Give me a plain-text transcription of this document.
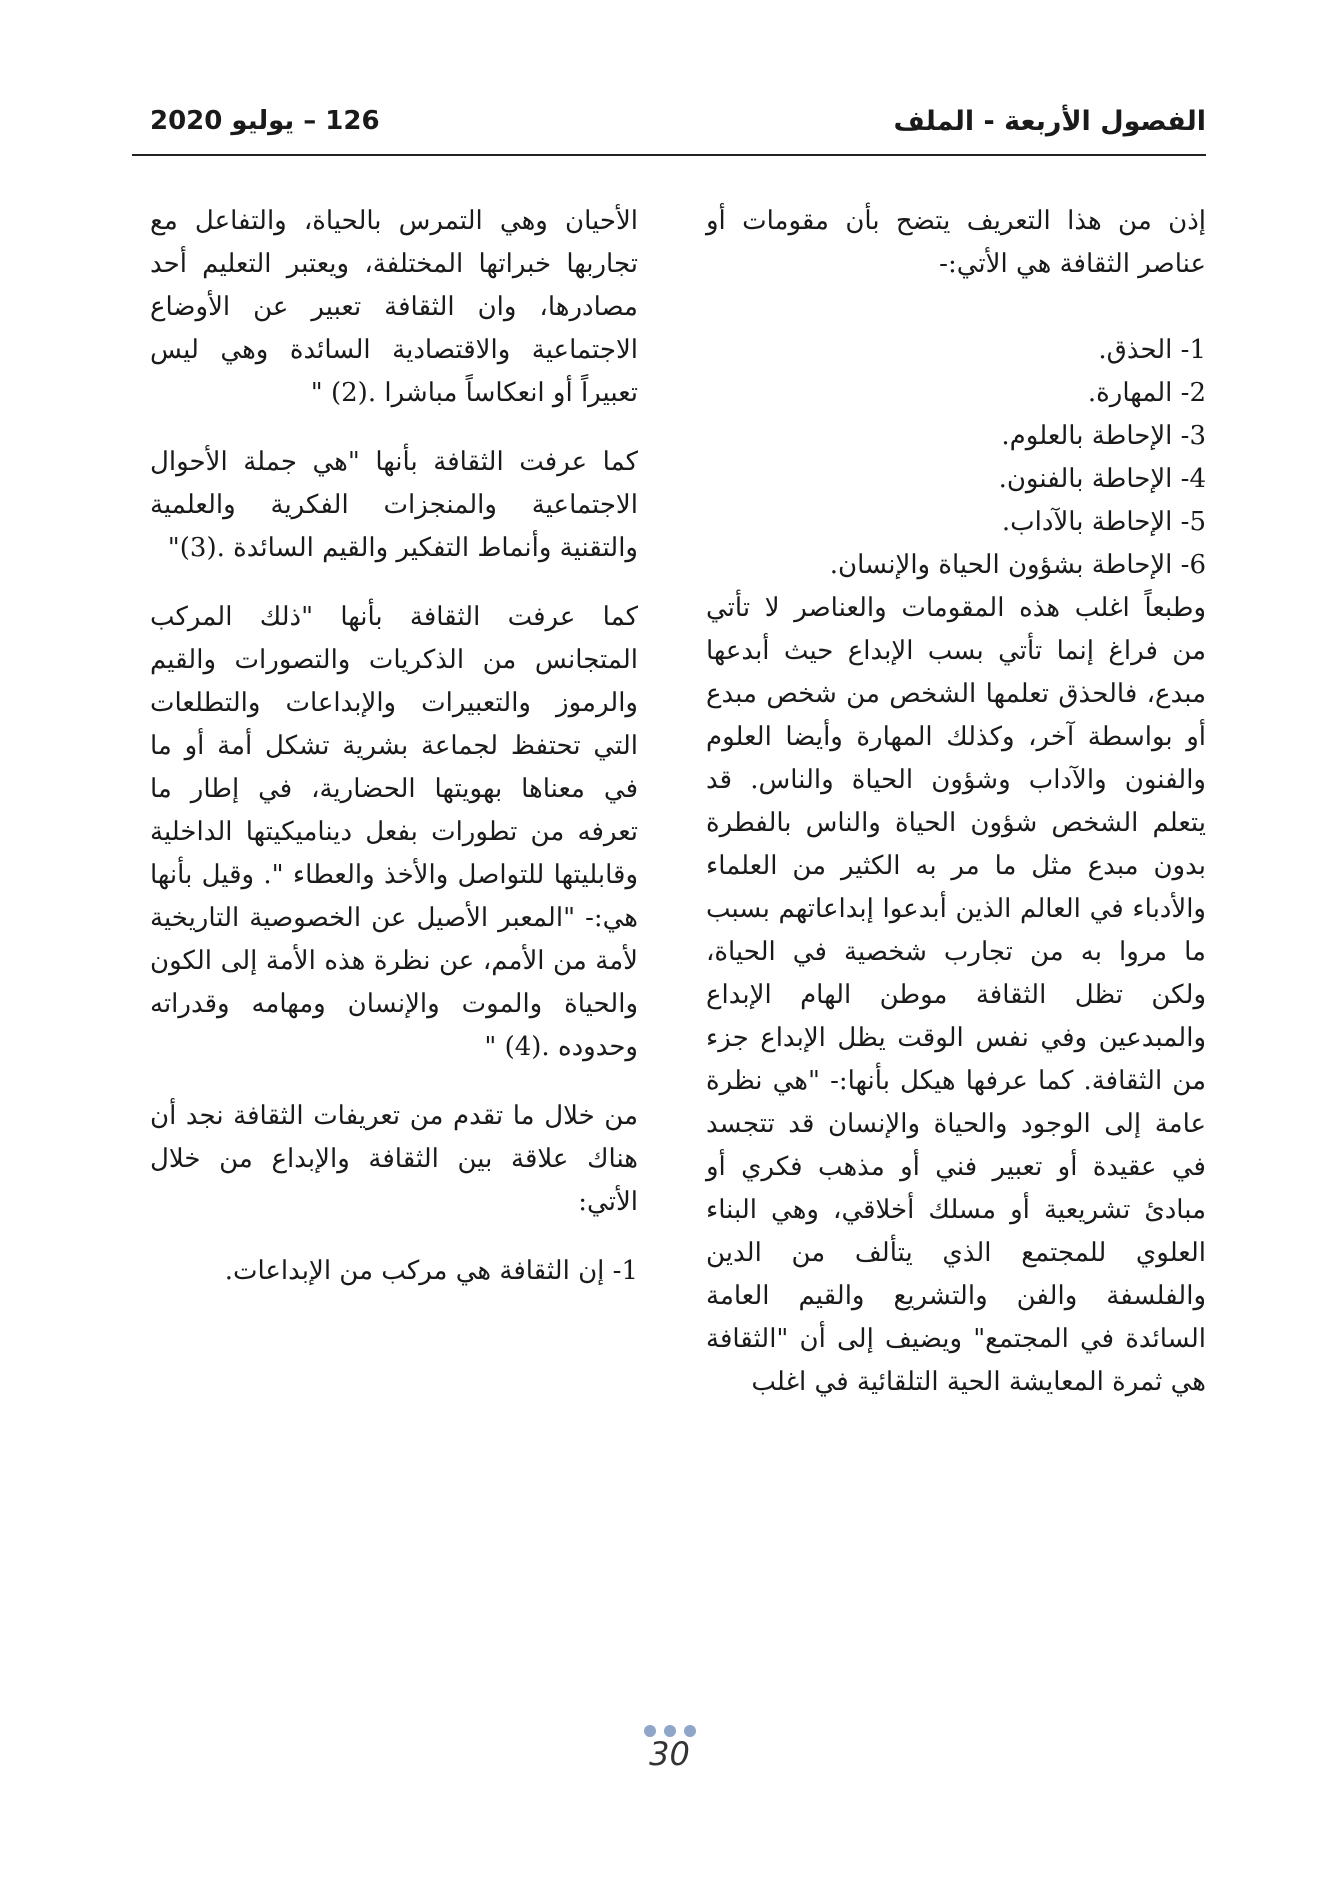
الفصول الأربعة - الملف
126 – يوليو 2020

إذن من هذا التعريف يتضح بأن مقومات أو عناصر الثقافة هي الأتي:-

1- الحذق.
2- المهارة.
3- الإحاطة بالعلوم.
4- الإحاطة بالفنون.
5- الإحاطة بالآداب.
6- الإحاطة بشؤون الحياة والإنسان.

وطبعاً اغلب هذه المقومات والعناصر لا تأتي من فراغ إنما تأتي بسب الإبداع حيث أبدعها مبدع، فالحذق تعلمها الشخص من شخص مبدع أو بواسطة آخر، وكذلك المهارة وأيضا العلوم والفنون والآداب وشؤون الحياة والناس. قد يتعلم الشخص شؤون الحياة والناس بالفطرة بدون مبدع مثل ما مر به الكثير من العلماء والأدباء في العالم الذين أبدعوا إبداعاتهم بسبب ما مروا به من تجارب شخصية في الحياة، ولكن تظل الثقافة موطن الهام الإبداع والمبدعين وفي نفس الوقت يظل الإبداع جزء من الثقافة. كما عرفها هيكل بأنها:- "هي نظرة عامة إلى الوجود والحياة والإنسان قد تتجسد في عقيدة أو تعبير فني أو مذهب فكري أو مبادئ تشريعية أو مسلك أخلاقي، وهي البناء العلوي للمجتمع الذي يتألف من الدين والفلسفة والفن والتشريع والقيم العامة السائدة في المجتمع" ويضيف إلى أن "الثقافة هي ثمرة المعايشة الحية التلقائية في اغلب

الأحيان وهي التمرس بالحياة، والتفاعل مع تجاربها خبراتها المختلفة، ويعتبر التعليم أحد مصادرها، وان الثقافة تعبير عن الأوضاع الاجتماعية والاقتصادية السائدة وهي ليس تعبيراً أو انعكاساً مباشرا .(2) "

كما عرفت الثقافة بأنها "هي جملة الأحوال الاجتماعية والمنجزات الفكرية والعلمية والتقنية وأنماط التفكير والقيم السائدة .(3)"

كما عرفت الثقافة بأنها "ذلك المركب المتجانس من الذكريات والتصورات والقيم والرموز والتعبيرات والإبداعات والتطلعات التي تحتفظ لجماعة بشرية تشكل أمة أو ما في معناها بهويتها الحضارية، في إطار ما تعرفه من تطورات بفعل ديناميكيتها الداخلية وقابليتها للتواصل والأخذ والعطاء ". وقيل بأنها هي:- "المعبر الأصيل عن الخصوصية التاريخية لأمة من الأمم، عن نظرة هذه الأمة إلى الكون والحياة والموت والإنسان ومهامه وقدراته وحدوده .(4) "

من خلال ما تقدم من تعريفات الثقافة نجد أن هناك علاقة بين الثقافة والإبداع من خلال الأتي:

1- إن الثقافة هي مركب من الإبداعات.

30
